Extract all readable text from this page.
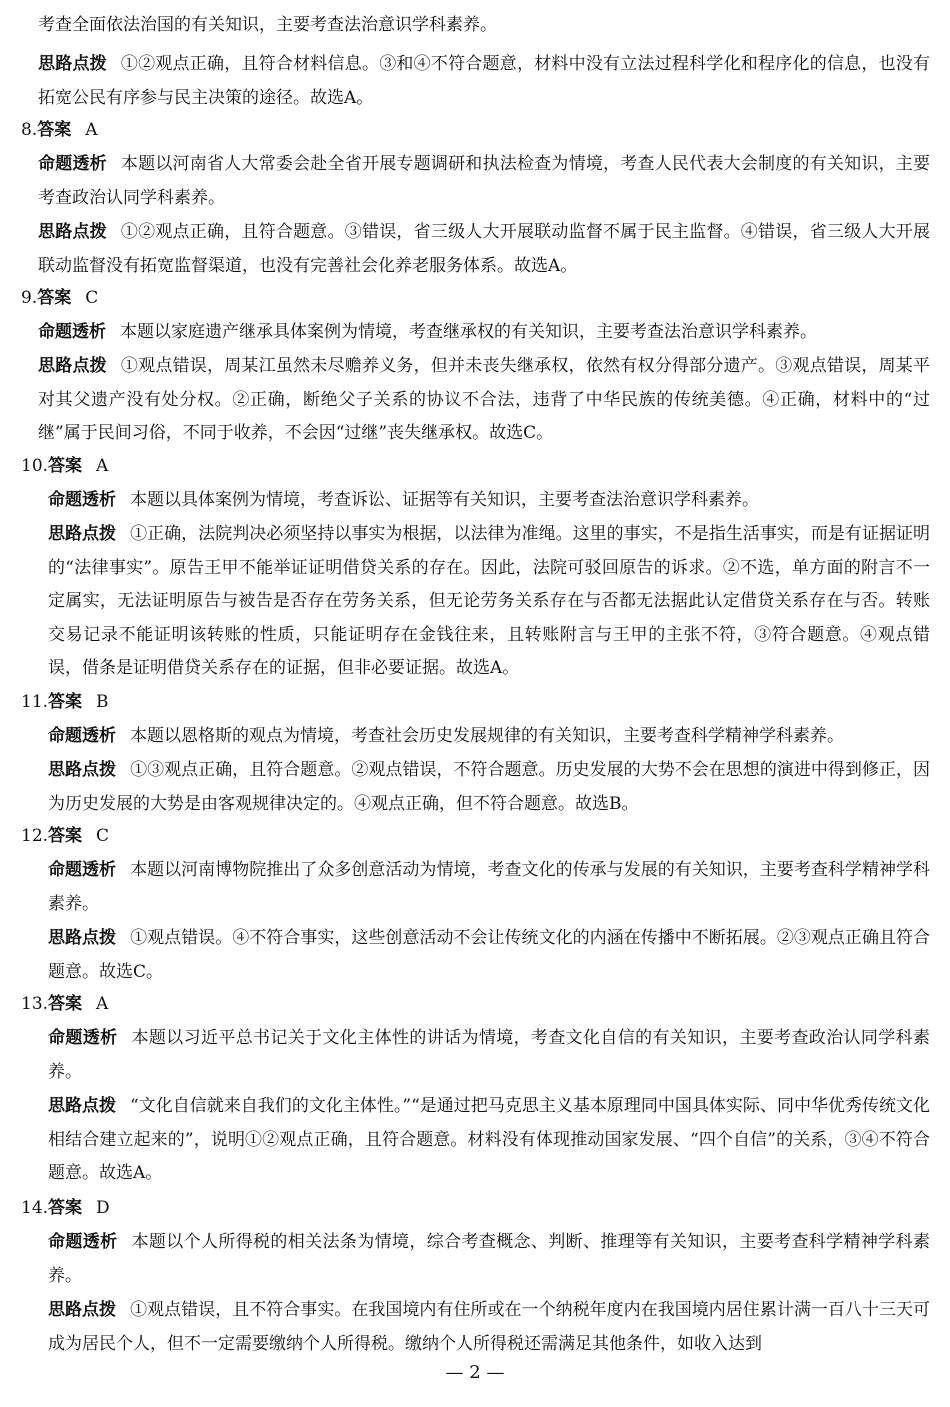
考查全面依法治国的有关知识，主要考查法治意识学科素养。
思路点拨 ①②观点正确，且符合材料信息。③和④不符合题意，材料中没有立法过程科学化和程序化的信息，也没有拓宽公民有序参与民主决策的途径。故选A。
8.答案 A
命题透析 本题以河南省人大常委会赴全省开展专题调研和执法检查为情境，考查人民代表大会制度的有关知识，主要考查政治认同学科素养。
思路点拨 ①②观点正确，且符合题意。③错误，省三级人大开展联动监督不属于民主监督。④错误，省三级人大开展联动监督没有拓宽监督渠道，也没有完善社会化养老服务体系。故选A。
9.答案 C
命题透析 本题以家庭遗产继承具体案例为情境，考查继承权的有关知识，主要考查法治意识学科素养。
思路点拨 ①观点错误，周某江虽然未尽赡养义务，但并未丧失继承权，依然有权分得部分遗产。③观点错误，周某平对其父遗产没有处分权。②正确，断绝父子关系的协议不合法，违背了中华民族的传统美德。④正确，材料中的“过继”属于民间习俗，不同于收养，不会因“过继”丧失继承权。故选C。
10.答案 A
命题透析 本题以具体案例为情境，考查诉讼、证据等有关知识，主要考查法治意识学科素养。
思路点拨 ①正确，法院判决必须坚持以事实为根据，以法律为准绳。这里的事实，不是指生活事实，而是有证据证明的“法律事实”。原告王甲不能举证证明借贷关系的存在。因此，法院可驳回原告的诉求。②不选，单方面的附言不一定属实，无法证明原告与被告是否存在劳务关系，但无论劳务关系存在与否都无法据此认定借贷关系存在与否。转账交易记录不能证明该转账的性质，只能证明存在金钱往来，且转账附言与王甲的主张不符，③符合题意。④观点错误，借条是证明借贷关系存在的证据，但非必要证据。故选A。
11.答案 B
命题透析 本题以恩格斯的观点为情境，考查社会历史发展规律的有关知识，主要考查科学精神学科素养。
思路点拨 ①③观点正确，且符合题意。②观点错误，不符合题意。历史发展的大势不会在思想的演进中得到修正，因为历史发展的大势是由客观规律决定的。④观点正确，但不符合题意。故选B。
12.答案 C
命题透析 本题以河南博物院推出了众多创意活动为情境，考查文化的传承与发展的有关知识，主要考查科学精神学科素养。
思路点拨 ①观点错误。④不符合事实，这些创意活动不会让传统文化的内涵在传播中不断拓展。②③观点正确且符合题意。故选C。
13.答案 A
命题透析 本题以习近平总书记关于文化主体性的讲话为情境，考查文化自信的有关知识，主要考查政治认同学科素养。
思路点拨 “文化自信就来自我们的文化主体性。”“是通过把马克思主义基本原理同中国具体实际、同中华优秀传统文化相结合建立起来的”，说明①②观点正确，且符合题意。材料没有体现推动国家发展、“四个自信”的关系，③④不符合题意。故选A。
14.答案 D
命题透析 本题以个人所得税的相关法条为情境，综合考查概念、判断、推理等有关知识，主要考查科学精神学科素养。
思路点拨 ①观点错误，且不符合事实。在我国境内有住所或在一个纳税年度内在我国境内居住累计满一百八十三天可成为居民个人，但不一定需要缴纳个人所得税。缴纳个人所得税还需满足其他条件，如收入达到
— 2 —
